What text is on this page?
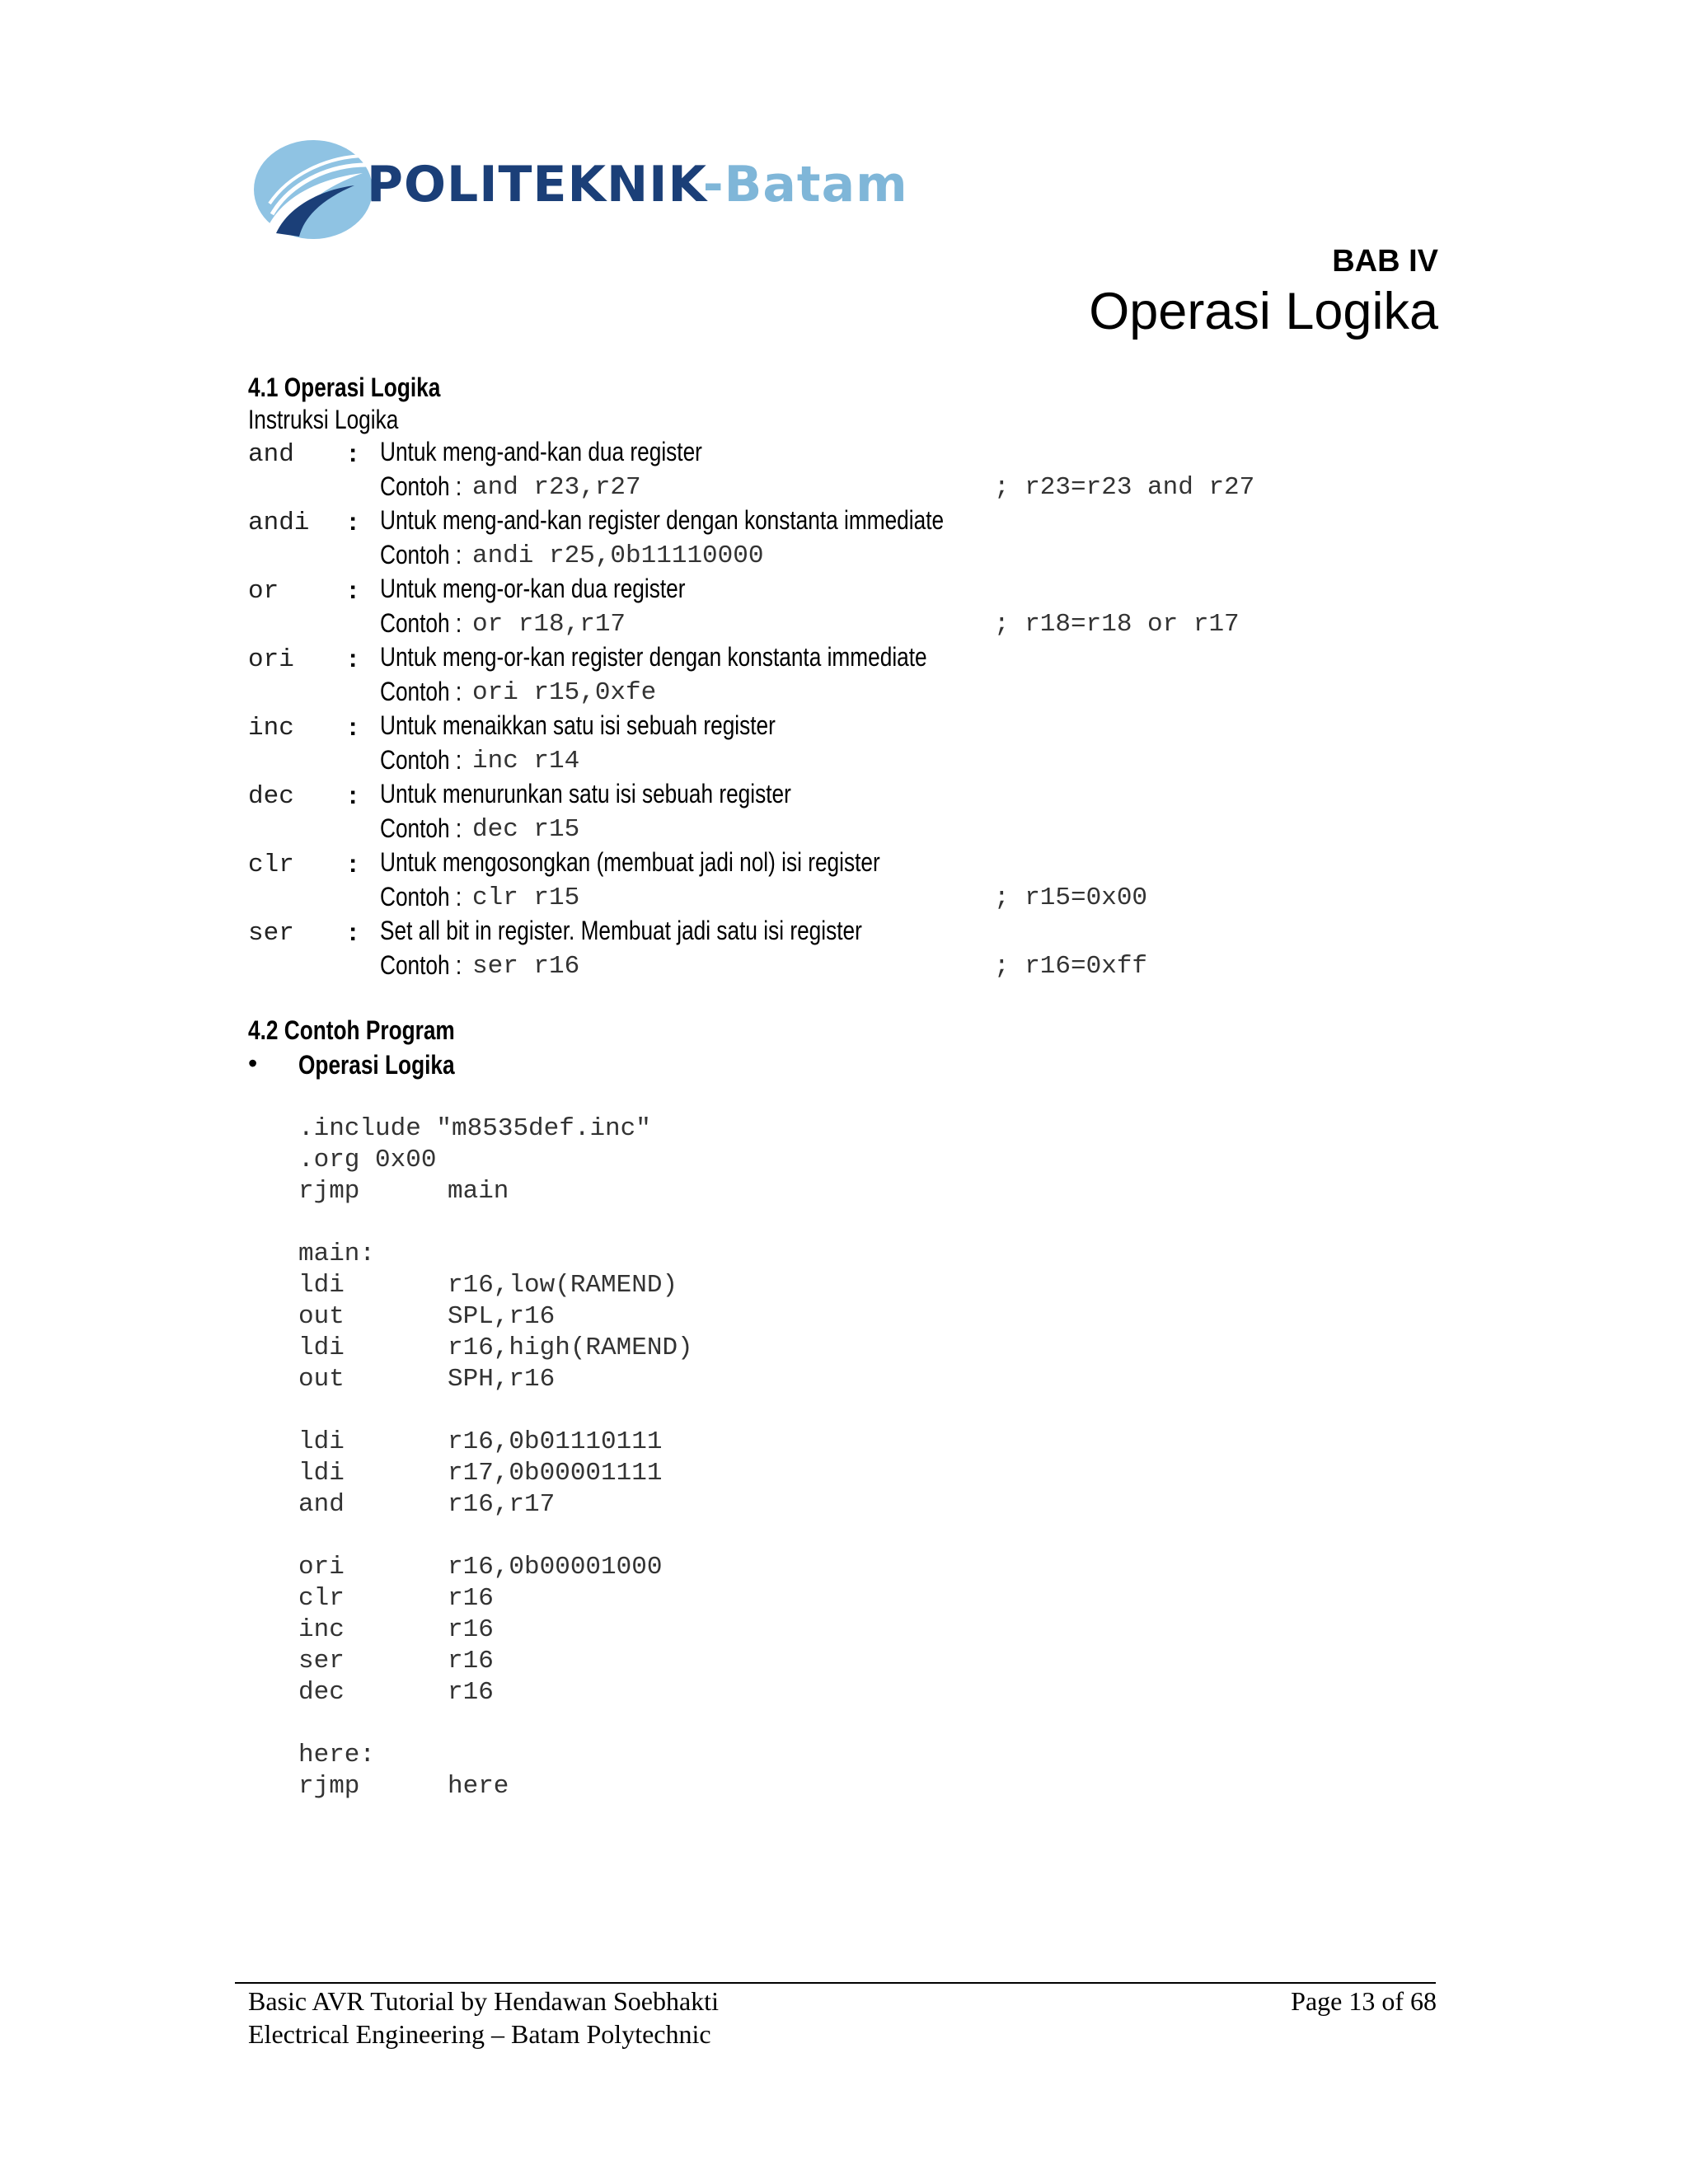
POLITEKNIK-Batam
BAB IV
Operasi Logika
4.1 Operasi Logika
Instruksi Logika
and : Untuk meng-and-kan dua register
Contoh : and r23,r27	; r23=r23 and r27
andi : Untuk meng-and-kan register dengan konstanta immediate
Contoh : andi r25,0b11110000
or	: Untuk meng-or-kan dua register
Contoh : or r18,r17	; r18=r18 or r17
ori : Untuk meng-or-kan register dengan konstanta immediate
Contoh : ori r15,0xfe
inc : Untuk menaikkan satu isi sebuah register
Contoh : inc r14
dec : Untuk menurunkan satu isi sebuah register
Contoh : dec r15
clr : Untuk mengosongkan (membuat jadi nol) isi register
Contoh : clr r15	; r15=0x00
ser : Set all bit in register. Membuat jadi satu isi register
Contoh : ser r16	; r16=0xff
4.2 Contoh Program
• Operasi Logika
.include "m8535def.inc"
.org 0x00
rjmp	main
main:
ldi	r16,low(RAMEND)
out	SPL,r16
ldi	r16,high(RAMEND)
out	SPH,r16
ldi	r16,0b01110111
ldi	r17,0b00001111
and	r16,r17
ori	r16,0b00001000
clr	r16
inc	r16
ser	r16
dec	r16
here:
rjmp	here
Basic AVR Tutorial by Hendawan Soebhakti
Electrical Engineering – Batam Polytechnic
Page 13 of 68
